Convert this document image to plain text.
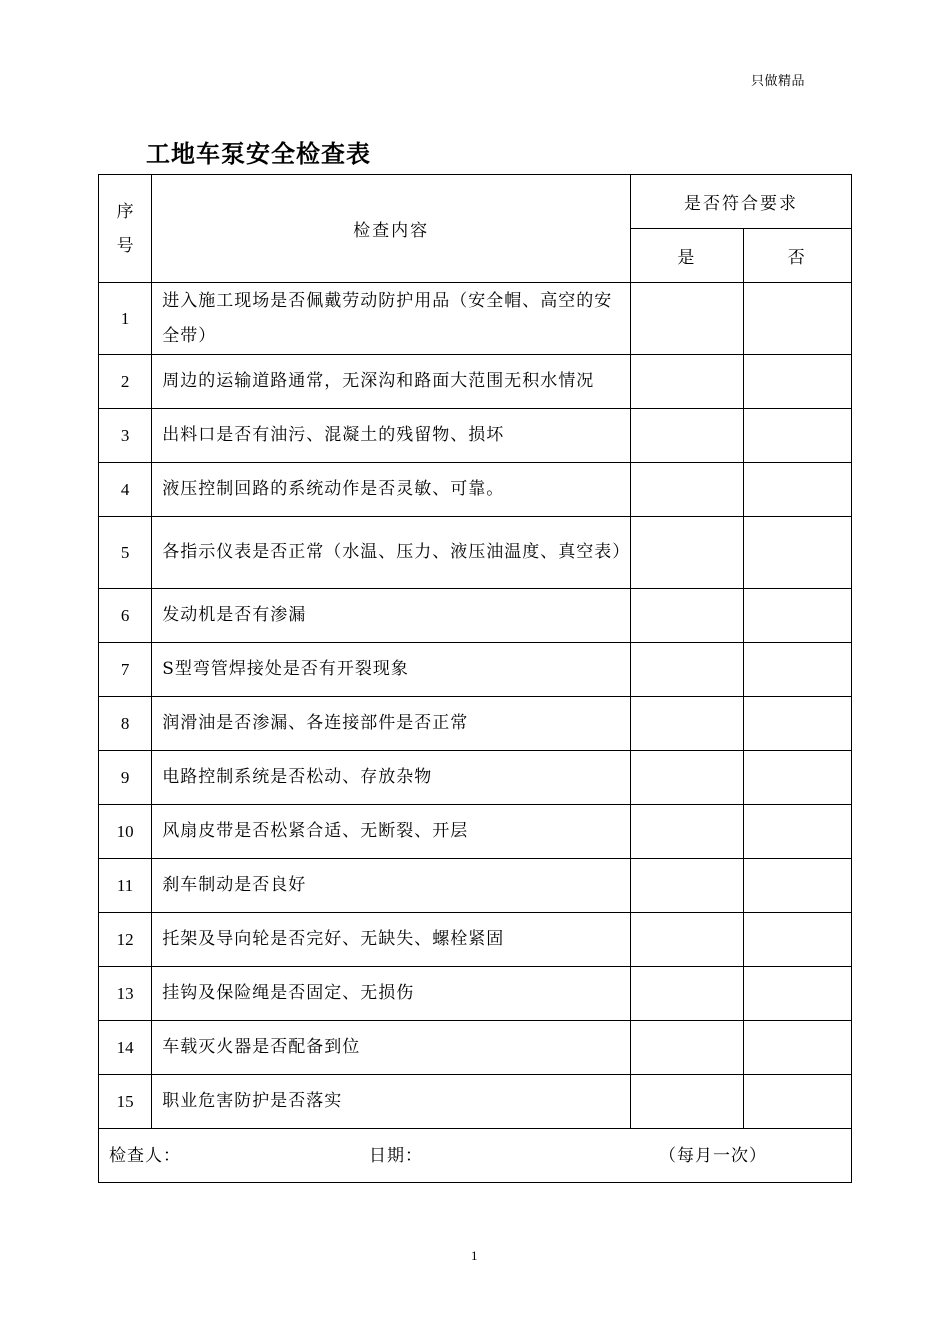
只做精品
工地车泵安全检查表
序
号	检查内容	是否符合要求	
		是	否
1	进入施工现场是否佩戴劳动防护用品（安全帽、高空的安全带）		
2	周边的运输道路通常，无深沟和路面大范围无积水情况		
3	出料口是否有油污、混凝土的残留物、损坏		
4	液压控制回路的系统动作是否灵敏、可靠。		
5	各指示仪表是否正常（水温、压力、液压油温度、真空表）		
6	发动机是否有渗漏		
7	S型弯管焊接处是否有开裂现象		
8	润滑油是否渗漏、各连接部件是否正常		
9	电路控制系统是否松动、存放杂物		
10	风扇皮带是否松紧合适、无断裂、开层		
11	刹车制动是否良好		
12	托架及导向轮是否完好、无缺失、螺栓紧固		
13	挂钩及保险绳是否固定、无损伤		
14	车载灭火器是否配备到位		
15	职业危害防护是否落实		

检查人： 日期： （每月一次）			
1
